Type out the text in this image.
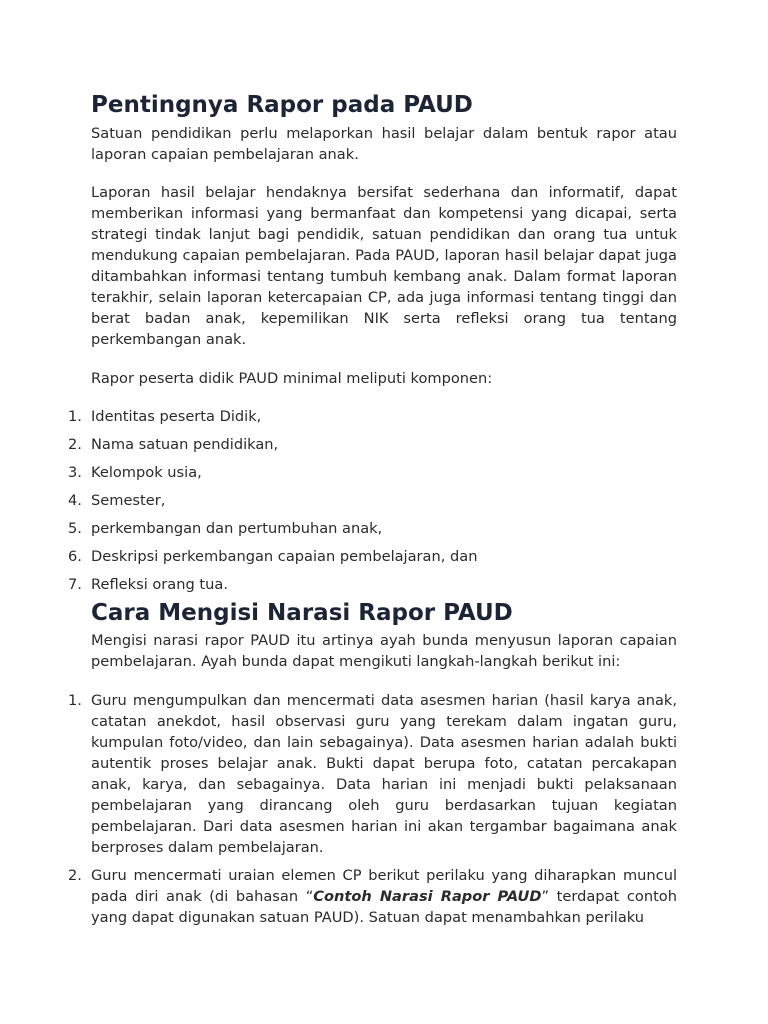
Pentingnya Rapor pada PAUD

Satuan pendidikan perlu melaporkan hasil belajar dalam bentuk rapor atau laporan capaian pembelajaran anak.

Laporan hasil belajar hendaknya bersifat sederhana dan informatif, dapat memberikan informasi yang bermanfaat dan kompetensi yang dicapai, serta strategi tindak lanjut bagi pendidik, satuan pendidikan dan orang tua untuk mendukung capaian pembelajaran. Pada PAUD, laporan hasil belajar dapat juga ditambahkan informasi tentang tumbuh kembang anak. Dalam format laporan terakhir, selain laporan ketercapaian CP, ada juga informasi tentang tinggi dan berat badan anak, kepemilikan NIK serta refleksi orang tua tentang perkembangan anak.

Rapor peserta didik PAUD minimal meliputi komponen:

1. Identitas peserta Didik,
2. Nama satuan pendidikan,
3. Kelompok usia,
4. Semester,
5. perkembangan dan pertumbuhan anak,
6. Deskripsi perkembangan capaian pembelajaran, dan
7. Refleksi orang tua.
Cara Mengisi Narasi Rapor PAUD

Mengisi narasi rapor PAUD itu artinya ayah bunda menyusun laporan capaian pembelajaran. Ayah bunda dapat mengikuti langkah-langkah berikut ini:

1. Guru mengumpulkan dan mencermati data asesmen harian (hasil karya anak, catatan anekdot, hasil observasi guru yang terekam dalam ingatan guru, kumpulan foto/video, dan lain sebagainya). Data asesmen harian adalah bukti autentik proses belajar anak. Bukti dapat berupa foto, catatan percakapan anak, karya, dan sebagainya. Data harian ini menjadi bukti pelaksanaan pembelajaran yang dirancang oleh guru berdasarkan tujuan kegiatan pembelajaran. Dari data asesmen harian ini akan tergambar bagaimana anak berproses dalam pembelajaran.
2. Guru mencermati uraian elemen CP berikut perilaku yang diharapkan muncul pada diri anak (di bahasan “Contoh Narasi Rapor PAUD” terdapat contoh yang dapat digunakan satuan PAUD). Satuan dapat menambahkan perilaku
